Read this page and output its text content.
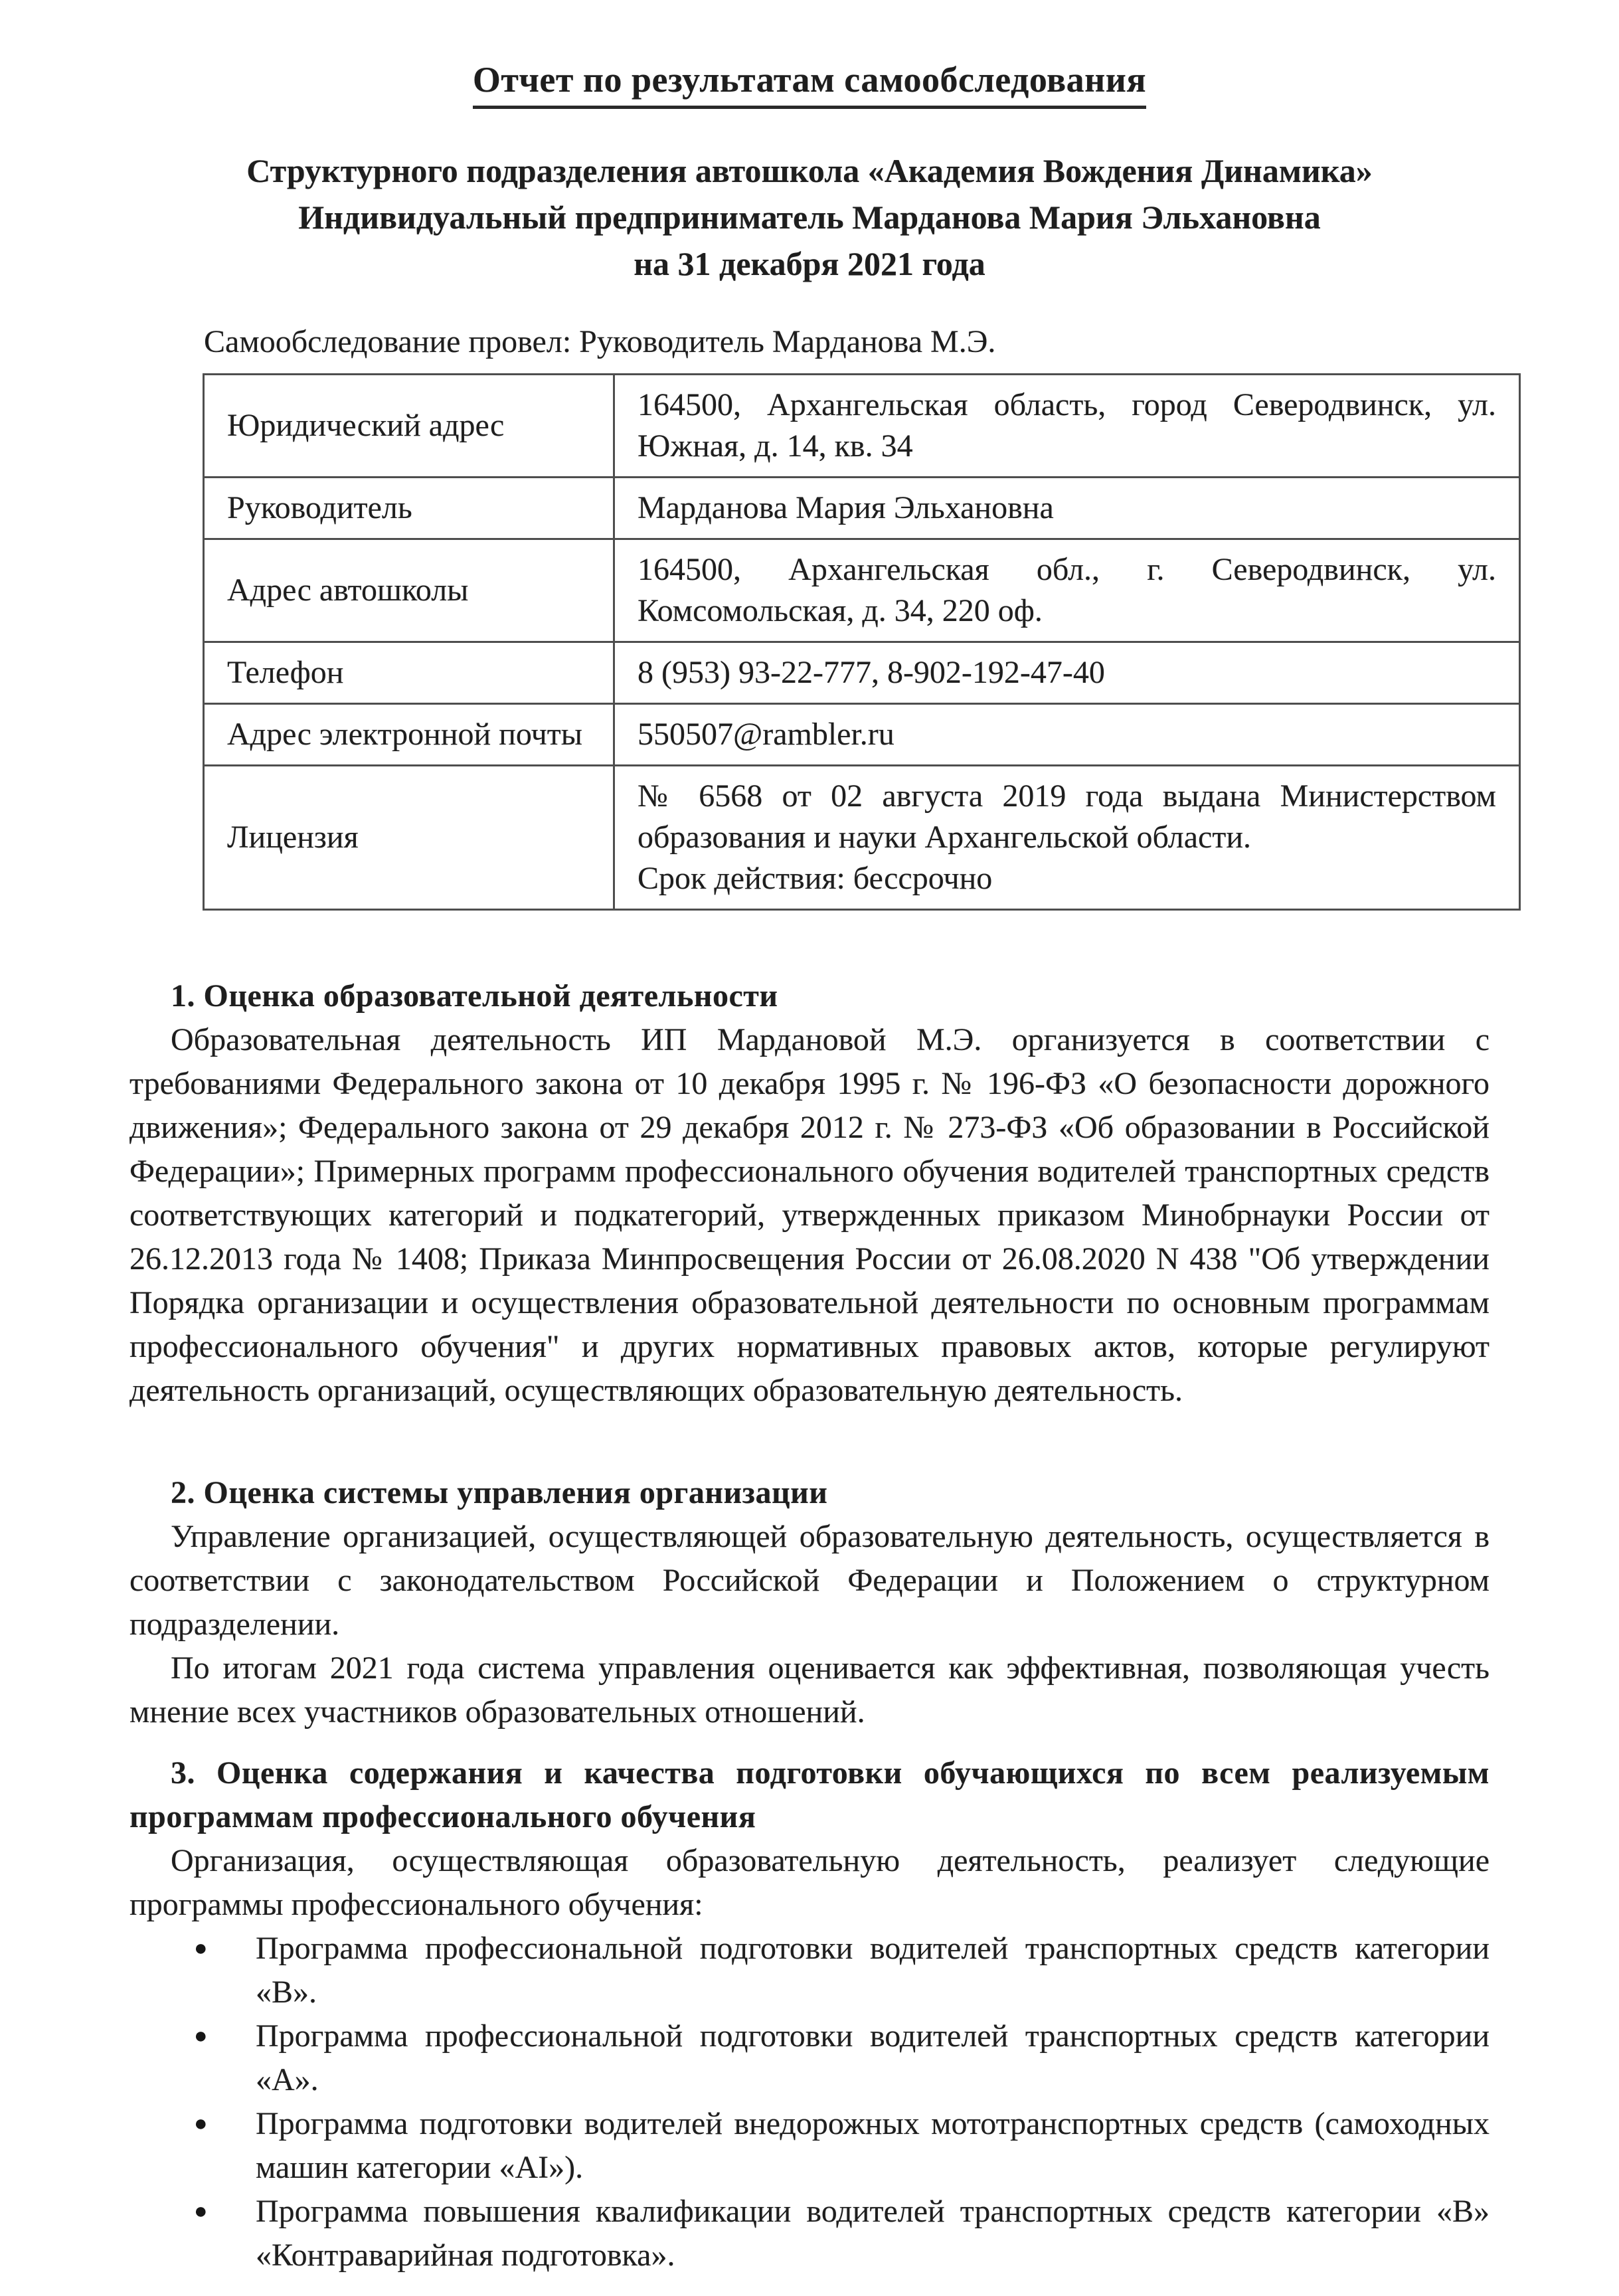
Отчет по результатам самообследования
Структурного подразделения автошкола «Академия Вождения Динамика»
Индивидуальный предприниматель Марданова Мария Эльхановна
на 31 декабря 2021 года
Самообследование провел: Руководитель Марданова М.Э.
Юридический адрес	164500, Архангельская область, город Северодвинск, ул. Южная, д. 14, кв. 34
Руководитель	Марданова Мария Эльхановна
Адрес автошколы	164500, Архангельская обл., г. Северодвинск, ул. Комсомольская, д. 34, 220 оф.
Телефон	8 (953) 93-22-777, 8-902-192-47-40
Адрес электронной почты	550507@rambler.ru
Лицензия	№ 6568 от 02 августа 2019 года выдана Министерством образования и науки Архангельской области.
Срок действия: бессрочно
1. Оценка образовательной деятельности

Образовательная деятельность ИП Мардановой М.Э. организуется в соответствии с требованиями Федерального закона от 10 декабря 1995 г. № 196-ФЗ «О безопасности дорожного движения»; Федерального закона от 29 декабря 2012 г. № 273-ФЗ «Об образовании в Российской Федерации»; Примерных программ профессионального обучения водителей транспортных средств соответствующих категорий и подкатегорий, утвержденных приказом Минобрнауки России от 26.12.2013 года № 1408; Приказа Минпросвещения России от 26.08.2020 N 438 "Об утверждении Порядка организации и осуществления образовательной деятельности по основным программам профессионального обучения" и других нормативных правовых актов, которые регулируют деятельность организаций, осуществляющих образовательную деятельность.

2. Оценка системы управления организации

Управление организацией, осуществляющей образовательную деятельность, осуществляется в соответствии с законодательством Российской Федерации и Положением о структурном подразделении.

По итогам 2021 года система управления оценивается как эффективная, позволяющая учесть мнение всех участников образовательных отношений.

3. Оценка содержания и качества подготовки обучающихся по всем реализуемым программам профессионального обучения

Организация, осуществляющая образовательную деятельность, реализует следующие программы профессионального обучения:

● Программа профессиональной подготовки водителей транспортных средств категории «В».
● Программа профессиональной подготовки водителей транспортных средств категории «А».
● Программа подготовки водителей внедорожных мототранспортных средств (самоходных машин категории «АI»).
● Программа повышения квалификации водителей транспортных средств категории «В» «Контраварийная подготовка».
